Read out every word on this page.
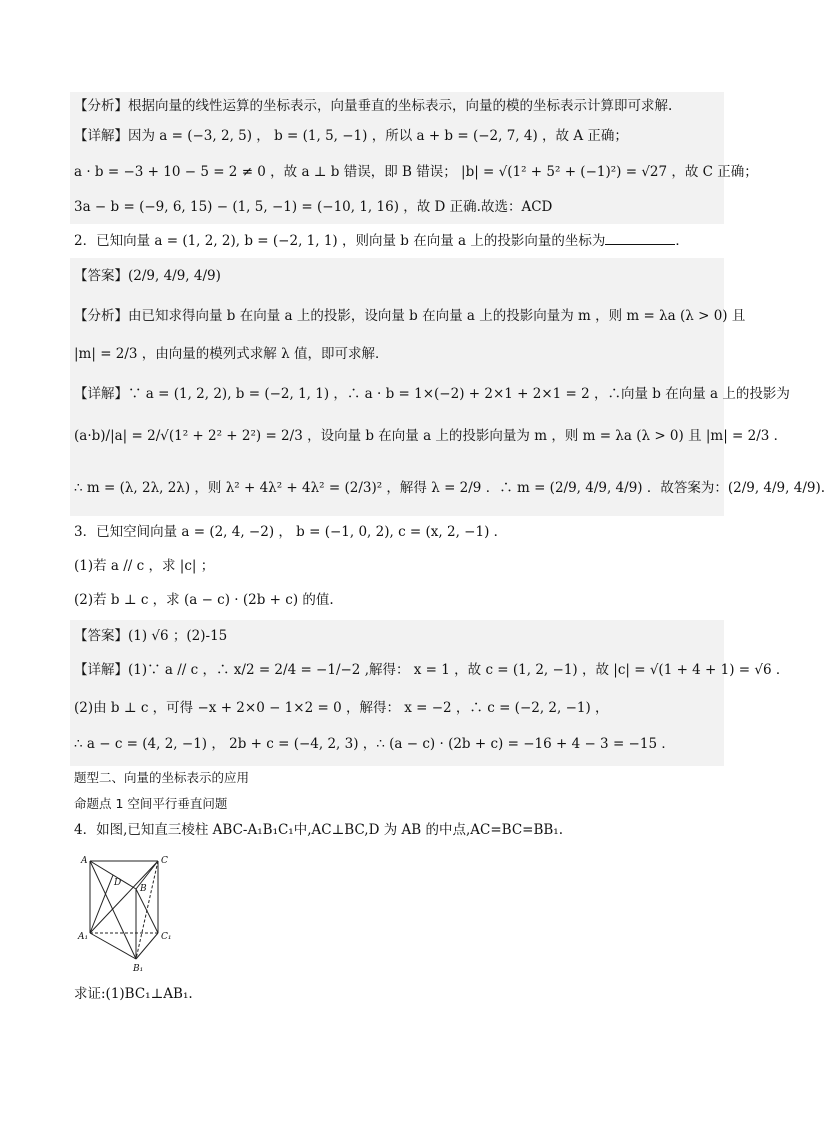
【分析】根据向量的线性运算的坐标表示，向量垂直的坐标表示，向量的模的坐标表示计算即可求解.
【详解】因为 a = (−3, 2, 5) ， b = (1, 5, −1) ，所以 a + b = (−2, 7, 4) ，故 A 正确；
a · b = −3 + 10 − 5 = 2 ≠ 0 ，故 a ⊥ b 错误，即 B 错误； |b| = √(1² + 5² + (−1)²) = √27 ，故 C 正确；
3a − b = (−9, 6, 15) − (1, 5, −1) = (−10, 1, 16) ，故 D 正确.故选：ACD
2．已知向量 a = (1, 2, 2), b = (−2, 1, 1) ，则向量 b 在向量 a 上的投影向量的坐标为	．
【答案】(2/9, 4/9, 4/9)
【分析】由已知求得向量 b 在向量 a 上的投影，设向量 b 在向量 a 上的投影向量为 m ，则 m = λa (λ > 0) 且
|m| = 2/3 ，由向量的模列式求解 λ 值，即可求解．
【详解】∵ a = (1, 2, 2), b = (−2, 1, 1) ，∴ a · b = 1×(−2) + 2×1 + 2×1 = 2 ，∴向量 b 在向量 a 上的投影为
(a·b)/|a| = 2/√(1² + 2² + 2²) = 2/3 ，设向量 b 在向量 a 上的投影向量为 m ，则 m = λa (λ > 0) 且 |m| = 2/3 ．
∴ m = (λ, 2λ, 2λ) ，则 λ² + 4λ² + 4λ² = (2/3)² ，解得 λ = 2/9 ．∴ m = (2/9, 4/9, 4/9) ．故答案为：(2/9, 4/9, 4/9).
3．已知空间向量 a = (2, 4, −2) ， b = (−1, 0, 2), c = (x, 2, −1) ．
(1)若 a // c ，求 |c| ；
(2)若 b ⊥ c ，求 (a − c) · (2b + c) 的值.
【答案】(1) √6 ；(2)-15
【详解】(1)∵ a // c ，∴ x/2 = 2/4 = −1/−2 ,解得： x = 1 ，故 c = (1, 2, −1) ，故 |c| = √(1 + 4 + 1) = √6 ．
(2)由 b ⊥ c ，可得 −x + 2×0 − 1×2 = 0 ，解得： x = −2 ，∴ c = (−2, 2, −1) ，
∴ a − c = (4, 2, −1) ， 2b + c = (−4, 2, 3) ，∴ (a − c) · (2b + c) = −16 + 4 − 3 = −15 ．
题型二、向量的坐标表示的应用
命题点 1 空间平行垂直问题
4．如图,已知直三棱柱 ABC-A₁B₁C₁中,AC⊥BC,D 为 AB 的中点,AC=BC=BB₁.
A	C
D
B
A₁	C₁
B₁
求证:(1)BC₁⊥AB₁.
